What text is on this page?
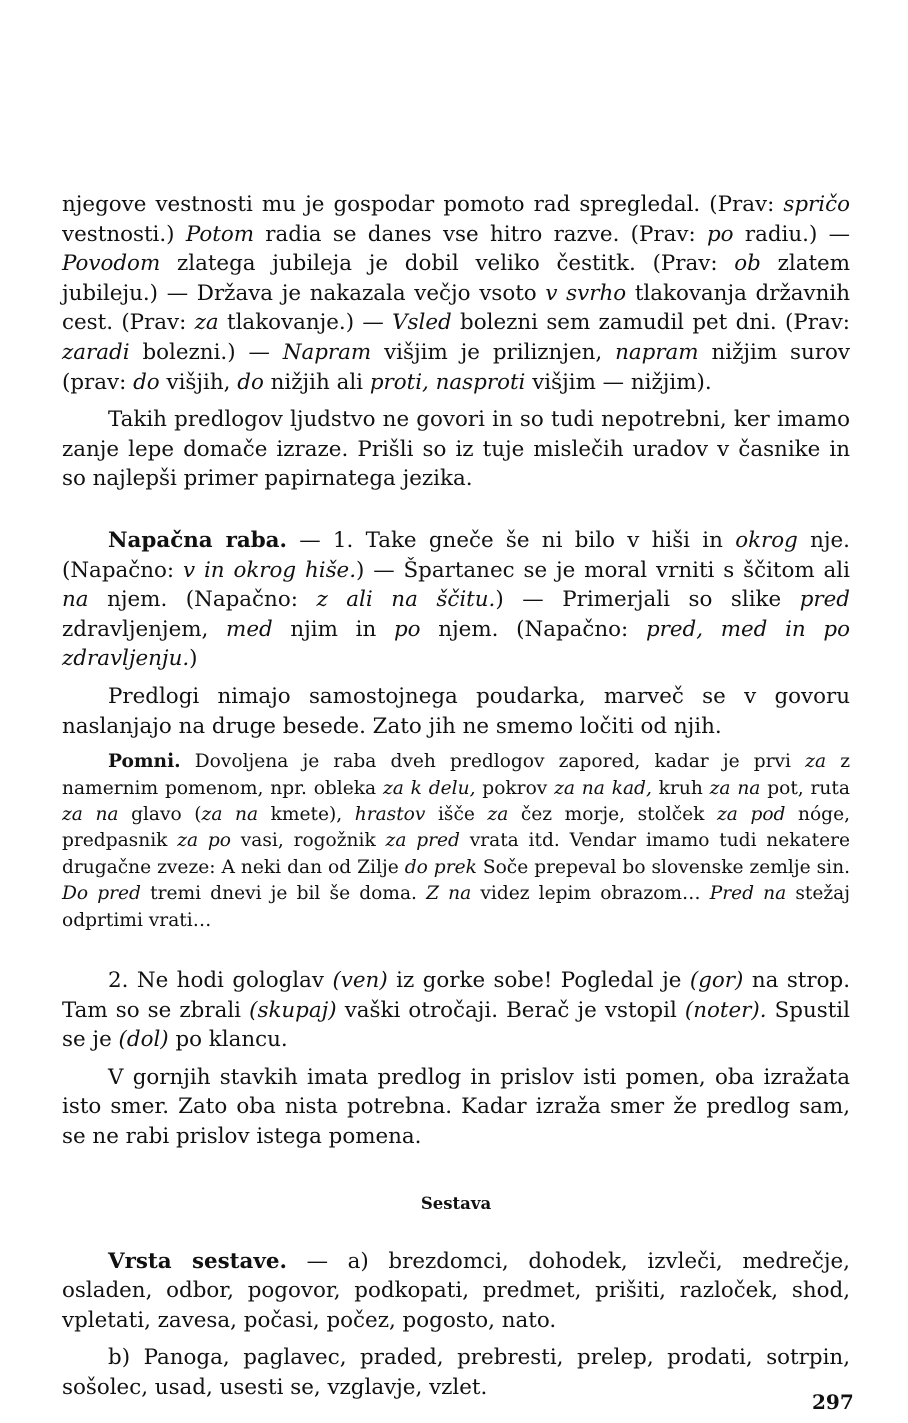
njegove vestnosti mu je gospodar pomoto rad spregledal. (Prav: spričo vestnosti.) Potom radia se danes vse hitro razve. (Prav: po radiu.) — Povodom zlatega jubileja je dobil veliko čestitk. (Prav: ob zlatem jubileju.) — Država je nakazala večjo vsoto v svrho tlakovanja državnih cest. (Prav: za tlakovanje.) — Vsled bolezni sem zamudil pet dni. (Prav: zaradi bolezni.) — Napram višjim je priliznjen, napram nižjim surov (prav: do višjih, do nižjih ali proti, nasproti višjim — nižjim).

Takih predlogov ljudstvo ne govori in so tudi nepotrebni, ker imamo zanje lepe domače izraze. Prišli so iz tuje mislečih uradov v časnike in so najlepši primer papirnatega jezika.

Napačna raba. — 1. Take gneče še ni bilo v hiši in okrog nje. (Napačno: v in okrog hiše.) — Špartanec se je moral vrniti s ščitom ali na njem. (Napačno: z ali na ščitu.) — Primerjali so slike pred zdravljenjem, med njim in po njem. (Napačno: pred, med in po zdravljenju.)

Predlogi nimajo samostojnega poudarka, marveč se v govoru naslanjajo na druge besede. Zato jih ne smemo ločiti od njih.

Pomni. Dovoljena je raba dveh predlogov zapored, kadar je prvi za z namernim pomenom, npr. obleka za k delu, pokrov za na kad, kruh za na pot, ruta za na glavo (za na kmete), hrastov išče za čez morje, stolček za pod nóge, predpasnik za po vasi, rogožnik za pred vrata itd. Vendar imamo tudi nekatere drugačne zveze: A neki dan od Zilje do prek Soče prepeval bo slovenske zemlje sin. Do pred tremi dnevi je bil še doma. Z na videz lepim obrazom… Pred na stežaj odprtimi vrati…

2. Ne hodi gologlav (ven) iz gorke sobe! Pogledal je (gor) na strop. Tam so se zbrali (skupaj) vaški otročaji. Berač je vstopil (noter). Spustil se je (dol) po klancu.

V gornjih stavkih imata predlog in prislov isti pomen, oba izražata isto smer. Zato oba nista potrebna. Kadar izraža smer že predlog sam, se ne rabi prislov istega pomena.

Sestava

Vrsta sestave. — a) brezdomci, dohodek, izvleči, medrečje, osladen, odbor, pogovor, podkopati, predmet, prišiti, razloček, shod, vpletati, zavesa, počasi, počez, pogosto, nato.

b) Panoga, paglavec, praded, prebresti, prelep, prodati, sotrpin, sošolec, usad, usesti se, vzglavje, vzlet.

297
